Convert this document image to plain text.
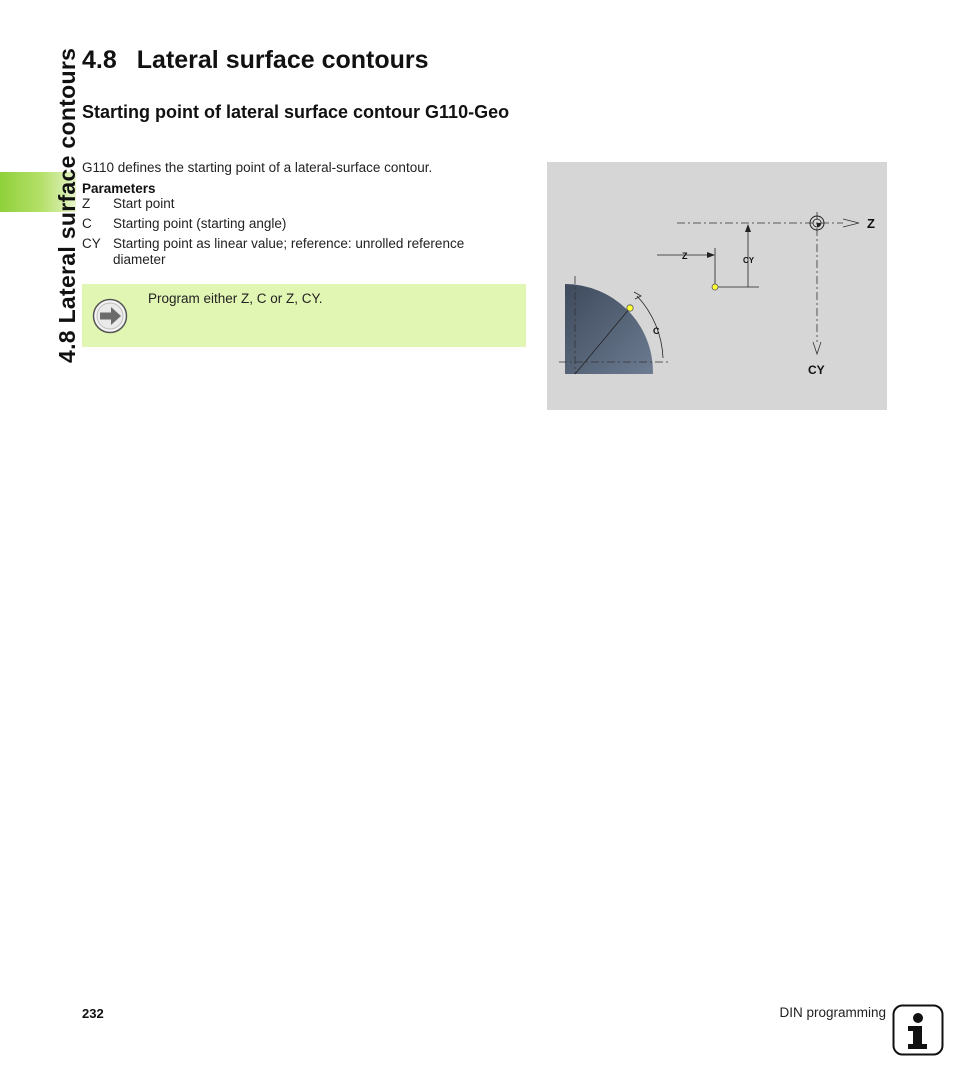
4.8 Lateral surface contours 4.8 Lateral surface contours
Starting point of lateral surface contour G110-Geo

G110 defines the starting point of a lateral-surface contour.

Parameters

Z	Start point
C	Starting point (starting angle)
CY Starting point as linear value; reference: unrolled reference diameter
Program either Z, C or Z, CY.
C
Z
CY
Z	CY
232	DIN programming
